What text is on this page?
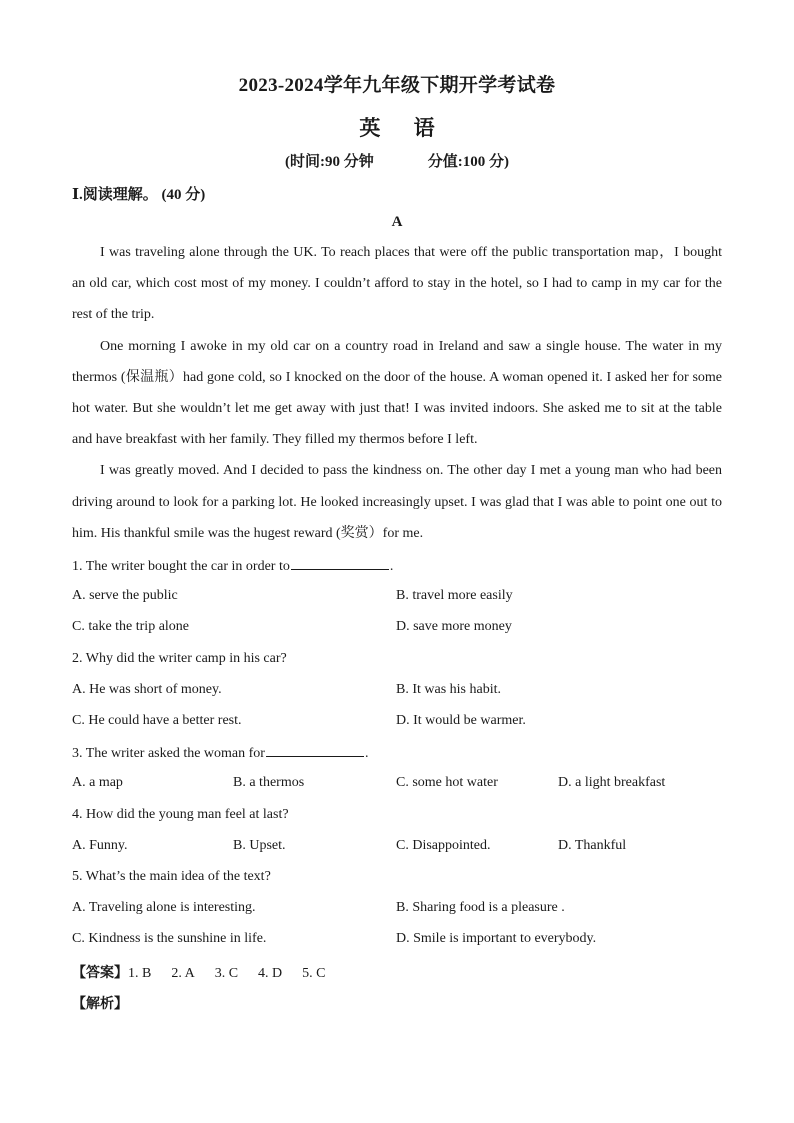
2023-2024学年九年级下期开学考试卷
英 语
(时间:90 分钟	分值:100 分)
Ⅰ.阅读理解。 (40 分)
A

I was traveling alone through the UK. To reach places that were off the public transportation map，I bought an old car, which cost most of my money. I couldn’t afford to stay in the hotel, so I had to camp in my car for the rest of the trip.

One morning I awoke in my old car on a country road in Ireland and saw a single house. The water in my thermos (保温瓶）had gone cold, so I knocked on the door of the house. A woman opened it. I asked her for some hot water. But she wouldn’t let me get away with just that! I was invited indoors. She asked me to sit at the table and have breakfast with her family. They filled my thermos before I left.

I was greatly moved. And I decided to pass the kindness on. The other day I met a young man who had been driving around to look for a parking lot. He looked increasingly upset. I was glad that I was able to point one out to him. His thankful smile was the hugest reward (奖赏）for me.

1. The writer bought the car in order to	.
A. serve the public	B. travel more easily
C. take the trip alone	D. save more money
2. Why did the writer camp in his car?
A. He was short of money.	B. It was his habit.
C. He could have a better rest.	D. It would be warmer.
3. The writer asked the woman for	.
A. a map	B. a thermos	C. some hot water	D. a light breakfast
4. How did the young man feel at last?
A. Funny.	B. Upset.	C. Disappointed.	D. Thankful
5. What’s the main idea of the text?
A. Traveling alone is interesting.	B. Sharing food is a pleasure .
C. Kindness is the sunshine in life.	D. Smile is important to everybody.
【答案】1. B 2. A 3. C 4. D 5. C
【解析】
